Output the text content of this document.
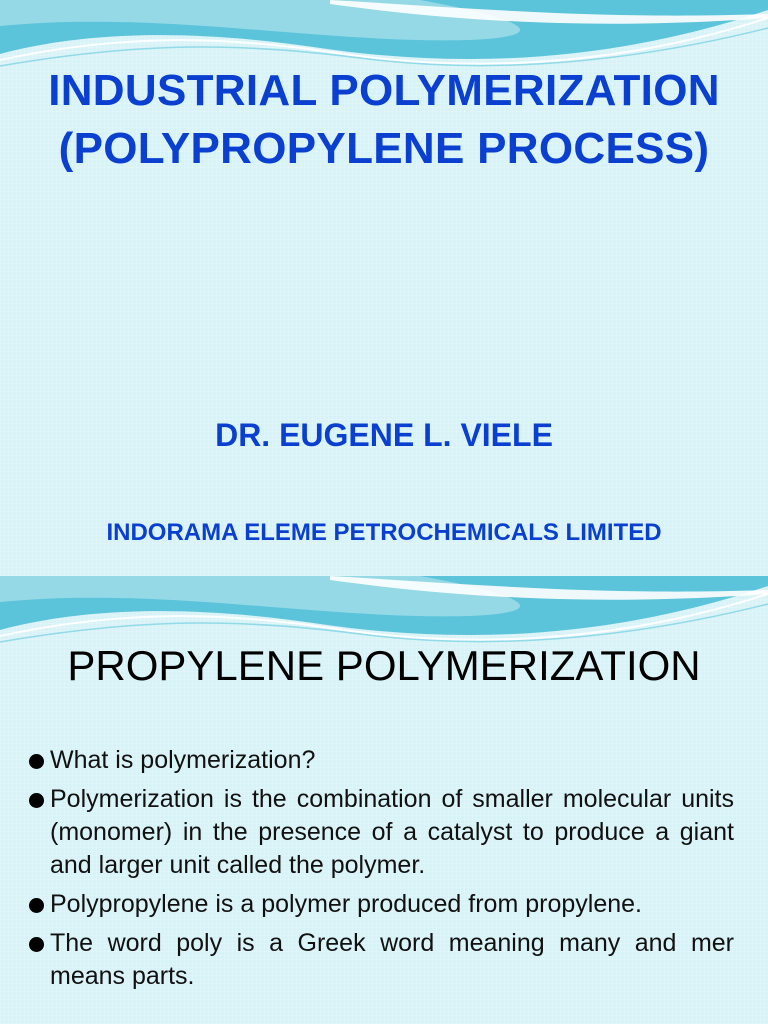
INDUSTRIAL POLYMERIZATION
(POLYPROPYLENE PROCESS)
DR. EUGENE L. VIELE
INDORAMA ELEME PETROCHEMICALS LIMITED
PROPYLENE POLYMERIZATION
What is polymerization?
Polymerization is the combination of smaller molecular units (monomer) in the presence of a catalyst to produce a giant and larger unit called the polymer.
Polypropylene is a polymer produced from propylene.
The word poly is a Greek word meaning many and mer means parts.
